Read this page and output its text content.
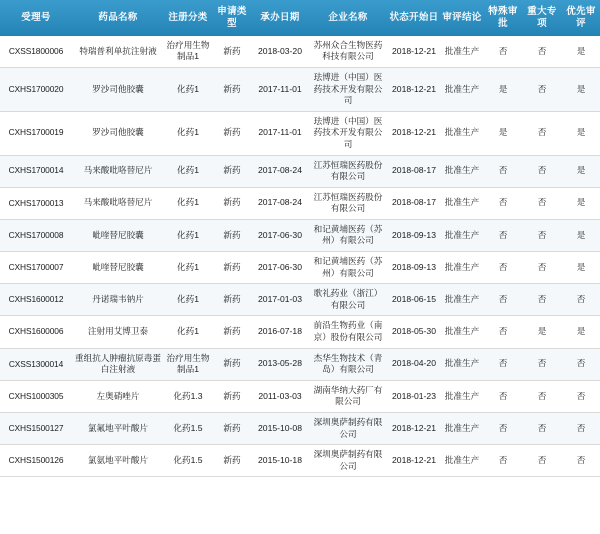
受理号	药品名称	注册分类	申请类型	承办日期	企业名称	状态开始日	审评结论	特殊审批	重大专项	优先审评
CXSS1800006	特瑞普利单抗注射液	治疗用生物制品1	新药	2018-03-20	苏州众合生物医药科技有限公司	2018-12-21	批准生产	否	否	是
CXHS1700020	罗沙司他胶囊	化药1	新药	2017-11-01	珐博进（中国）医药技术开发有限公司	2018-12-21	批准生产	是	否	是
CXHS1700019	罗沙司他胶囊	化药1	新药	2017-11-01	珐博进（中国）医药技术开发有限公司	2018-12-21	批准生产	是	否	是
CXHS1700014	马来酸吡咯替尼片	化药1	新药	2017-08-24	江苏恒瑞医药股份有限公司	2018-08-17	批准生产	否	否	是
CXHS1700013	马来酸吡咯替尼片	化药1	新药	2017-08-24	江苏恒瑞医药股份有限公司	2018-08-17	批准生产	否	否	是
CXHS1700008	呲喹替尼胶囊	化药1	新药	2017-06-30	和记黄埔医药（苏州）有限公司	2018-09-13	批准生产	否	否	是
CXHS1700007	呲喹替尼胶囊	化药1	新药	2017-06-30	和记黄埔医药（苏州）有限公司	2018-09-13	批准生产	否	否	是
CXHS1600012	丹诺瑞韦钠片	化药1	新药	2017-01-03	歌礼药业（浙江）有限公司	2018-06-15	批准生产	否	否	否
CXHS1600006	注射用艾博卫泰	化药1	新药	2016-07-18	前沿生物药业（南京）股份有限公司	2018-05-30	批准生产	否	是	是
CXSS1300014	重组抗人肿瘤抗原毒蛋白注射液	治疗用生物制品1	新药	2013-05-28	杰华生物技术（青岛）有限公司	2018-04-20	批准生产	否	否	否
CXHS1000305	左奥硝唑片	化药1.3	新药	2011-03-03	湖南华纳大药厂有限公司	2018-01-23	批准生产	否	否	否
CXHS1500127	氯氟地平叶酸片	化药1.5	新药	2015-10-08	深圳奥萨制药有限公司	2018-12-21	批准生产	否	否	否
CXHS1500126	氯氨地平叶酸片	化药1.5	新药	2015-10-18	深圳奥萨制药有限公司	2018-12-21	批准生产	否	否	否
